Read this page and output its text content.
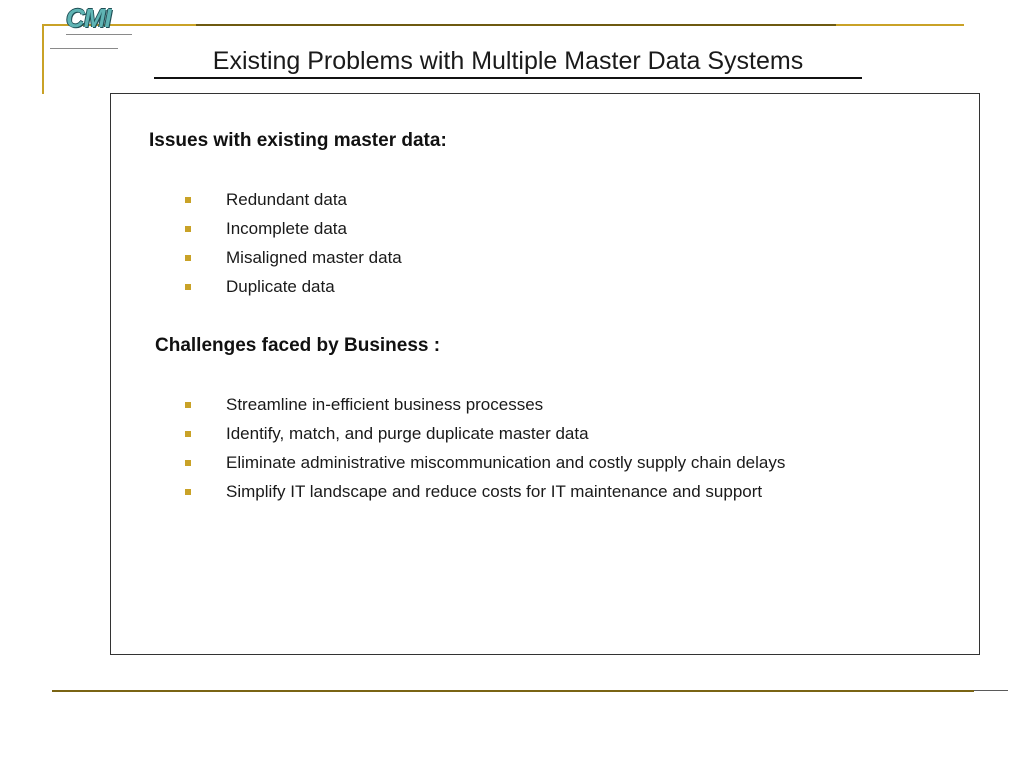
CMI
Existing Problems with Multiple Master Data Systems
Issues with existing master data:
Redundant data
Incomplete data
Misaligned master data
Duplicate data
Challenges faced by Business :
Streamline in-efficient business processes
Identify, match, and purge duplicate master data
Eliminate administrative miscommunication and costly supply chain delays
Simplify IT landscape and reduce costs for IT maintenance and support
